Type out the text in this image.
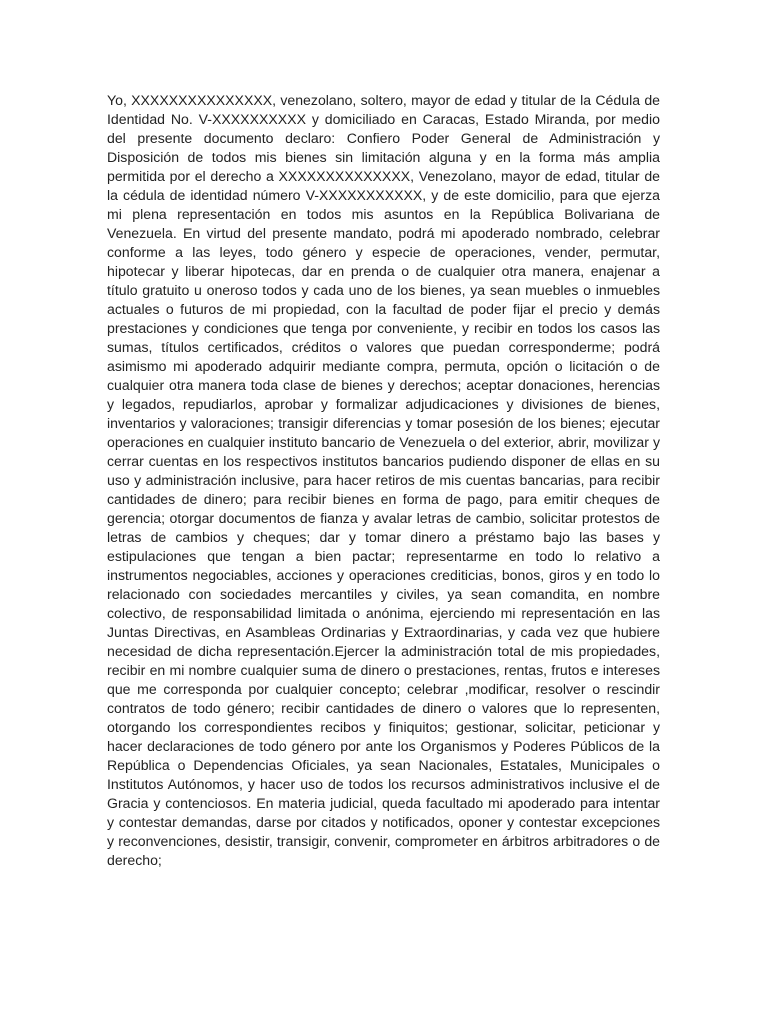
Yo, XXXXXXXXXXXXXXX, venezolano, soltero, mayor de edad y titular de la Cédula de Identidad No. V-XXXXXXXXXX y domiciliado en Caracas, Estado Miranda, por medio del presente documento declaro: Confiero Poder General de Administración y Disposición de todos mis bienes sin limitación alguna y en la forma más amplia permitida por el derecho a XXXXXXXXXXXXXX, Venezolano, mayor de edad, titular de la cédula de identidad número V-XXXXXXXXXXX, y de este domicilio, para que ejerza mi plena representación en todos mis asuntos en la República Bolivariana de Venezuela. En virtud del presente mandato, podrá mi apoderado nombrado, celebrar conforme a las leyes, todo género y especie de operaciones, vender, permutar, hipotecar y liberar hipotecas, dar en prenda o de cualquier otra manera, enajenar a título gratuito u oneroso todos y cada uno de los bienes, ya sean muebles o inmuebles actuales o futuros de mi propiedad, con la facultad de poder fijar el precio y demás prestaciones y condiciones que tenga por conveniente, y recibir en todos los casos las sumas, títulos certificados, créditos o valores que puedan corresponderme; podrá asimismo mi apoderado adquirir mediante compra, permuta, opción o licitación o de cualquier otra manera toda clase de bienes y derechos; aceptar donaciones, herencias y legados, repudiarlos, aprobar y formalizar adjudicaciones y divisiones de bienes, inventarios y valoraciones; transigir diferencias y tomar posesión de los bienes; ejecutar operaciones en cualquier instituto bancario de Venezuela o del exterior, abrir, movilizar y cerrar cuentas en los respectivos institutos bancarios pudiendo disponer de ellas en su uso y administración inclusive, para hacer retiros de mis cuentas bancarias, para recibir cantidades de dinero; para recibir bienes en forma de pago, para emitir cheques de gerencia; otorgar documentos de fianza y avalar letras de cambio, solicitar protestos de letras de cambios y cheques; dar y tomar dinero a préstamo bajo las bases y estipulaciones que tengan a bien pactar; representarme en todo lo relativo a instrumentos negociables, acciones y operaciones crediticias, bonos, giros y en todo lo relacionado con sociedades mercantiles y civiles, ya sean comandita, en nombre colectivo, de responsabilidad limitada o anónima, ejerciendo mi representación en las Juntas Directivas, en Asambleas Ordinarias y Extraordinarias, y cada vez que hubiere necesidad de dicha representación.Ejercer la administración total de mis propiedades, recibir en mi nombre cualquier suma de dinero o prestaciones, rentas, frutos e intereses que me corresponda por cualquier concepto; celebrar ,modificar, resolver o rescindir contratos de todo género; recibir cantidades de dinero o valores que lo representen, otorgando los correspondientes recibos y finiquitos; gestionar, solicitar, peticionar y hacer declaraciones de todo género por ante los Organismos y Poderes Públicos de la República o Dependencias Oficiales, ya sean Nacionales, Estatales, Municipales o Institutos Autónomos, y hacer uso de todos los recursos administrativos inclusive el de Gracia y contenciosos. En materia judicial, queda facultado mi apoderado para intentar y contestar demandas, darse por citados y notificados, oponer y contestar excepciones y reconvenciones, desistir, transigir, convenir, comprometer en árbitros arbitradores o de derecho;
